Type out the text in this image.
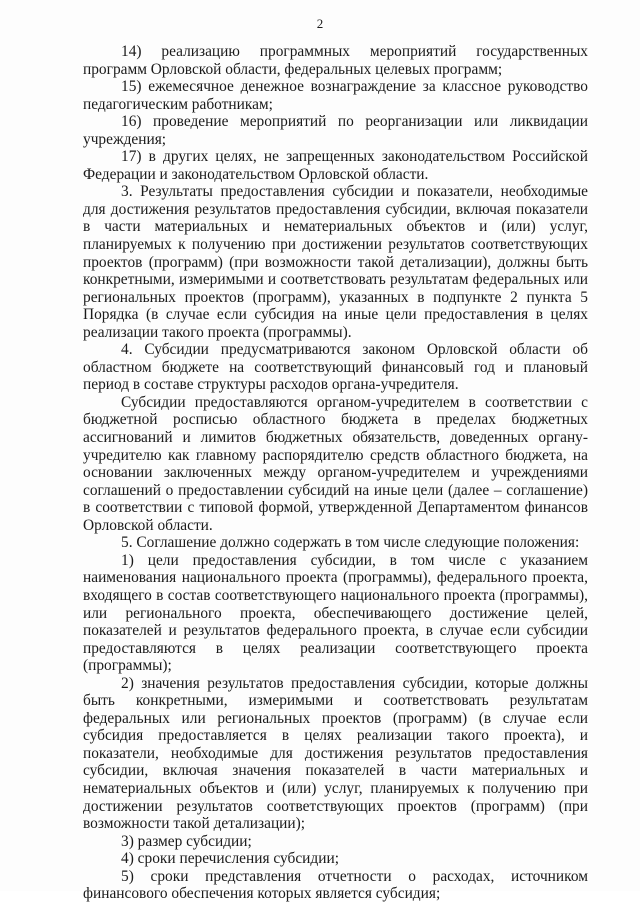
2

14) реализацию программных мероприятий государственных программ Орловской области, федеральных целевых программ;

15) ежемесячное денежное вознаграждение за классное руководство педагогическим работникам;

16) проведение мероприятий по реорганизации или ликвидации учреждения;

17) в других целях, не запрещенных законодательством Российской Федерации и законодательством Орловской области.

3. Результаты предоставления субсидии и показатели, необходимые для достижения результатов предоставления субсидии, включая показатели в части материальных и нематериальных объектов и (или) услуг, планируемых к получению при достижении результатов соответствующих проектов (программ) (при возможности такой детализации), должны быть конкретными, измеримыми и соответствовать результатам федеральных или региональных проектов (программ), указанных в подпункте 2 пункта 5 Порядка (в случае если субсидия на иные цели предоставления в целях реализации такого проекта (программы).

4. Субсидии предусматриваются законом Орловской области об областном бюджете на соответствующий финансовый год и плановый период в составе структуры расходов органа-учредителя.

Субсидии предоставляются органом-учредителем в соответствии с бюджетной росписью областного бюджета в пределах бюджетных ассигнований и лимитов бюджетных обязательств, доведенных органу-учредителю как главному распорядителю средств областного бюджета, на основании заключенных между органом-учредителем и учреждениями соглашений о предоставлении субсидий на иные цели (далее – соглашение) в соответствии с типовой формой, утвержденной Департаментом финансов Орловской области.

5. Соглашение должно содержать в том числе следующие положения:

1) цели предоставления субсидии, в том числе с указанием наименования национального проекта (программы), федерального проекта, входящего в состав соответствующего национального проекта (программы), или регионального проекта, обеспечивающего достижение целей, показателей и результатов федерального проекта, в случае если субсидии предоставляются в целях реализации соответствующего проекта (программы);

2) значения результатов предоставления субсидии, которые должны быть конкретными, измеримыми и соответствовать результатам федеральных или региональных проектов (программ) (в случае если субсидия предоставляется в целях реализации такого проекта), и показатели, необходимые для достижения результатов предоставления субсидии, включая значения показателей в части материальных и нематериальных объектов и (или) услуг, планируемых к получению при достижении результатов соответствующих проектов (программ) (при возможности такой детализации);

3) размер субсидии;

4) сроки перечисления субсидии;

5) сроки представления отчетности о расходах, источником финансового обеспечения которых является субсидия;
